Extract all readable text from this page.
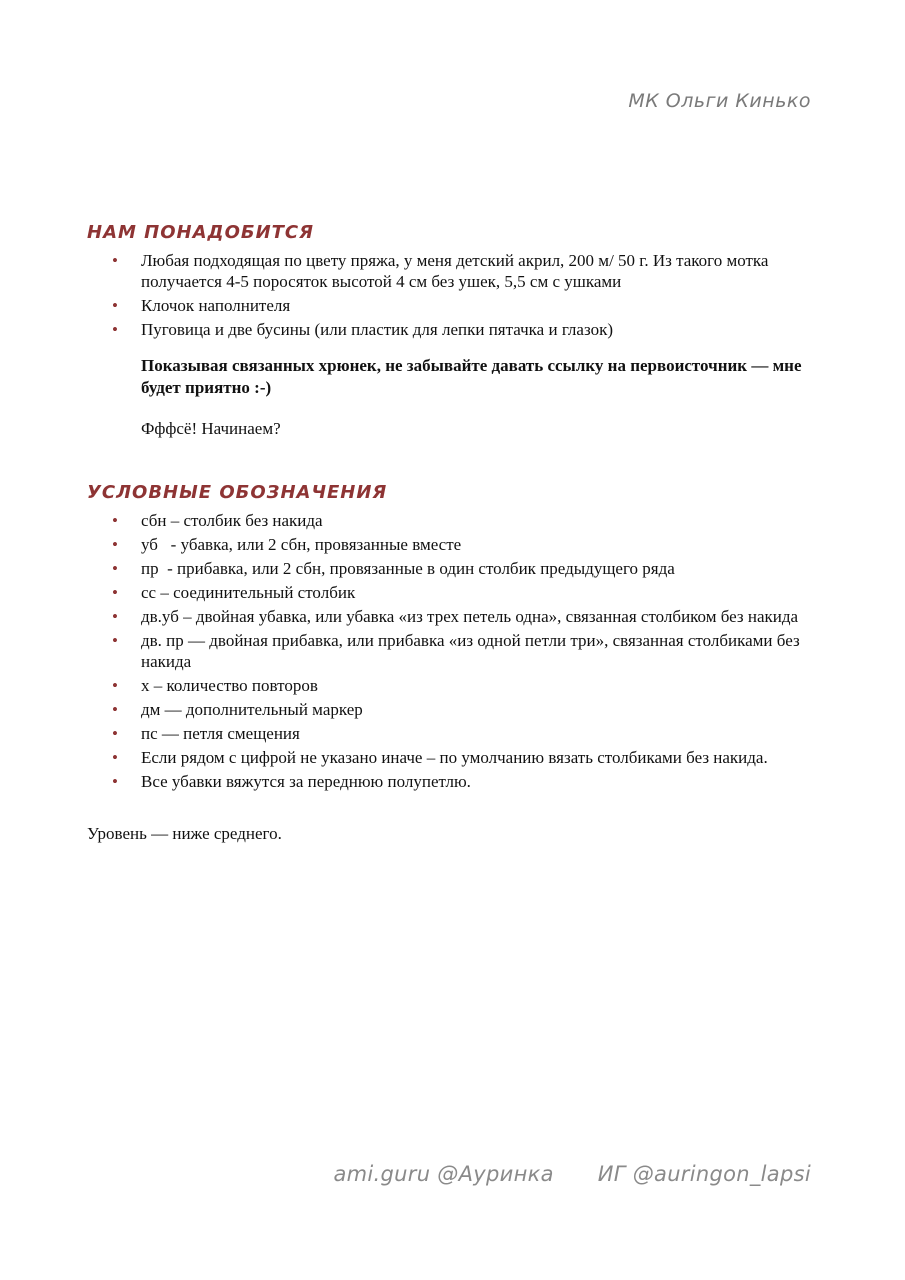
МК Ольги Кинько
НАМ ПОНАДОБИТСЯ
• Любая подходящая по цвету пряжа, у меня детский акрил, 200 м/ 50 г. Из такого мотка получается 4-5 поросяток высотой 4 см без ушек, 5,5 см с ушками
• Клочок наполнителя
• Пуговица и две бусины (или пластик для лепки пятачка и глазок)
Показывая связанных хрюнек, не забывайте давать ссылку на первоисточник — мне будет приятно :-)
Фффсё! Начинаем?
УСЛОВНЫЕ ОБОЗНАЧЕНИЯ
• сбн – столбик без накида
• уб   - убавка, или 2 сбн, провязанные вместе
• пр  - прибавка, или 2 сбн, провязанные в один столбик предыдущего ряда
• сс – соединительный столбик
• дв.уб – двойная убавка, или убавка «из трех петель одна», связанная столбиком без накида
• дв. пр — двойная прибавка, или прибавка «из одной петли три», связанная столбиками без накида
• х – количество повторов
• дм — дополнительный маркер
• пс — петля смещения
• Если рядом с цифрой не указано иначе – по умолчанию вязать столбиками без накида.
• Все убавки вяжутся за переднюю полупетлю.
Уровень — ниже среднего.
ami.guru @Ауринка ИГ @auringon_lapsi
